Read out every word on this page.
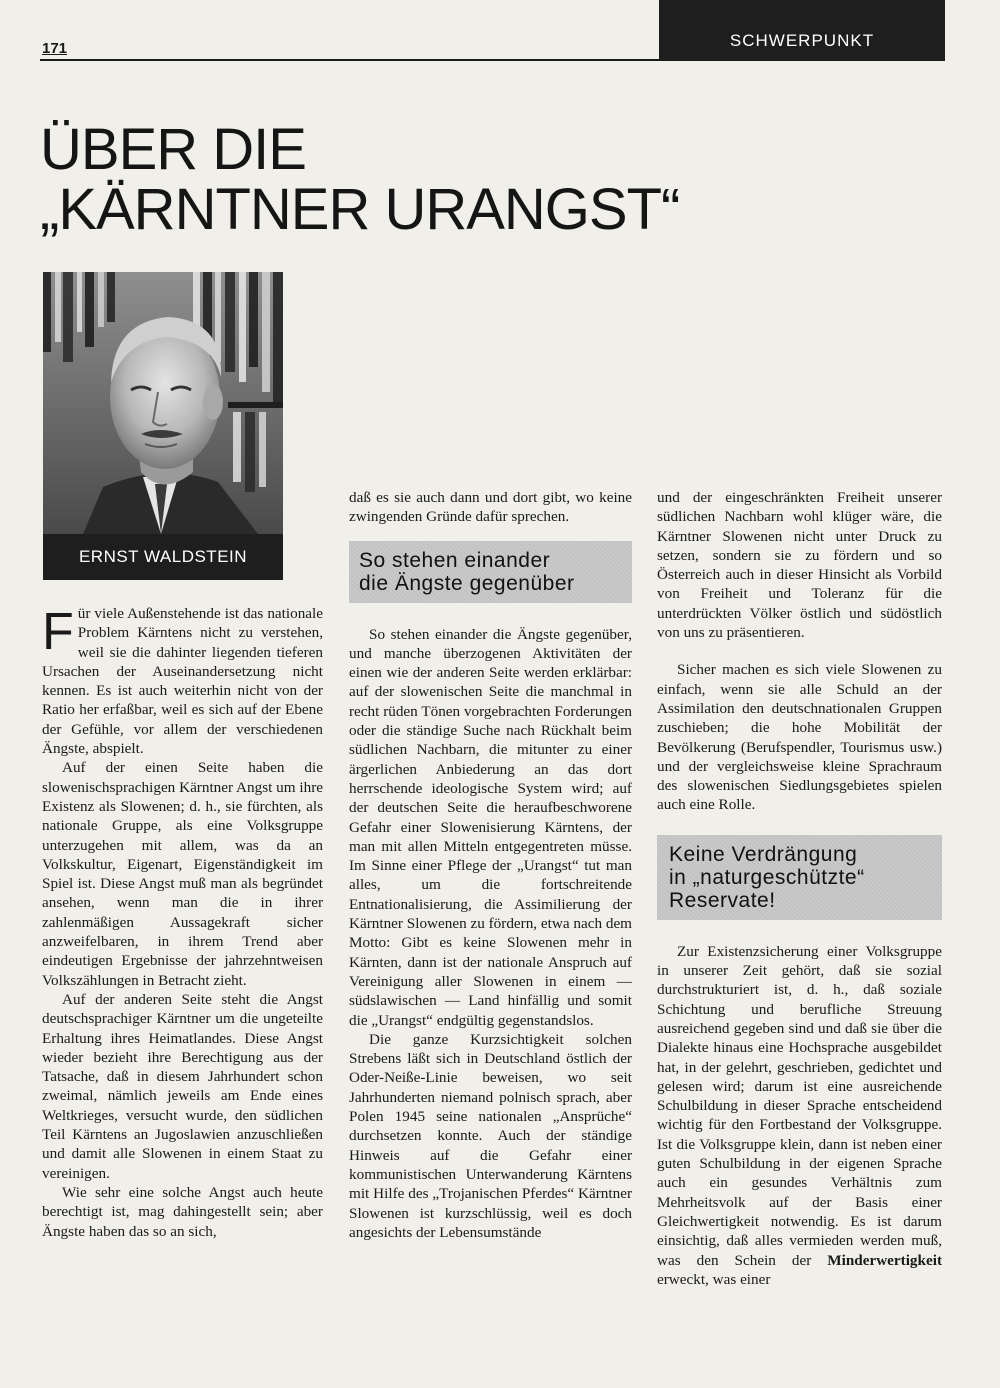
171	SCHWERPUNKT
ÜBER DIE
„KÄRNTNER URANGST“
ERNST WALDSTEIN

Für viele Außenstehende ist das nationale Problem Kärntens nicht zu verstehen, weil sie die dahinter liegenden tieferen Ursachen der Auseinandersetzung nicht kennen. Es ist auch weiterhin nicht von der Ratio her erfaßbar, weil es sich auf der Ebene der Gefühle, vor allem der verschiedenen Ängste, abspielt.

Auf der einen Seite haben die slowenischsprachigen Kärntner Angst um ihre Existenz als Slowenen; d. h., sie fürchten, als nationale Gruppe, als eine Volksgruppe unterzugehen mit allem, was da an Volkskultur, Eigenart, Eigenständigkeit im Spiel ist. Diese Angst muß man als begründet ansehen, wenn man die in ihrer zahlenmäßigen Aussagekraft sicher anzweifelbaren, in ihrem Trend aber eindeutigen Ergebnisse der jahrzehntweisen Volkszählungen in Betracht zieht.

Auf der anderen Seite steht die Angst deutschsprachiger Kärntner um die ungeteilte Erhaltung ihres Heimatlandes. Diese Angst wieder bezieht ihre Berechtigung aus der Tatsache, daß in diesem Jahrhundert schon zweimal, nämlich jeweils am Ende eines Weltkrieges, versucht wurde, den südlichen Teil Kärntens an Jugoslawien anzuschließen und damit alle Slowenen in einem Staat zu vereinigen.

Wie sehr eine solche Angst auch heute berechtigt ist, mag dahingestellt sein; aber Ängste haben das so an sich,

daß es sie auch dann und dort gibt, wo keine zwingenden Gründe dafür sprechen.

So stehen einander
die Ängste gegenüber

So stehen einander die Ängste gegenüber, und manche überzogenen Aktivitäten der einen wie der anderen Seite werden erklärbar: auf der slowenischen Seite die manchmal in recht rüden Tönen vorgebrachten Forderungen oder die ständige Suche nach Rückhalt beim südlichen Nachbarn, die mitunter zu einer ärgerlichen Anbiederung an das dort herrschende ideologische System wird; auf der deutschen Seite die heraufbeschworene Gefahr einer Slowenisierung Kärntens, der man mit allen Mitteln entgegentreten müsse. Im Sinne einer Pflege der „Urangst“ tut man alles, um die fortschreitende Entnationalisierung, die Assimilierung der Kärntner Slowenen zu fördern, etwa nach dem Motto: Gibt es keine Slowenen mehr in Kärnten, dann ist der nationale Anspruch auf Vereinigung aller Slowenen in einem — südslawischen — Land hinfällig und somit die „Urangst“ endgültig gegenstandslos.

Die ganze Kurzsichtigkeit solchen Strebens läßt sich in Deutschland östlich der Oder-Neiße-Linie beweisen, wo seit Jahrhunderten niemand polnisch sprach, aber Polen 1945 seine nationalen „Ansprüche“ durchsetzen konnte. Auch der ständige Hinweis auf die Gefahr einer kommunistischen Unterwanderung Kärntens mit Hilfe des „Trojanischen Pferdes“ Kärntner Slowenen ist kurzschlüssig, weil es doch angesichts der Lebensumstände

und der eingeschränkten Freiheit unserer südlichen Nachbarn wohl klüger wäre, die Kärntner Slowenen nicht unter Druck zu setzen, sondern sie zu fördern und so Österreich auch in dieser Hinsicht als Vorbild von Freiheit und Toleranz für die unterdrückten Völker östlich und südöstlich von uns zu präsentieren.

Sicher machen es sich viele Slowenen zu einfach, wenn sie alle Schuld an der Assimilation den deutschnationalen Gruppen zuschieben; die hohe Mobilität der Bevölkerung (Berufspendler, Tourismus usw.) und der vergleichsweise kleine Sprachraum des slowenischen Siedlungsgebietes spielen auch eine Rolle.

Keine Verdrängung
in „naturgeschützte“
Reservate!

Zur Existenzsicherung einer Volksgruppe in unserer Zeit gehört, daß sie sozial durchstrukturiert ist, d. h., daß soziale Schichtung und berufliche Streuung ausreichend gegeben sind und daß sie über die Dialekte hinaus eine Hochsprache ausgebildet hat, in der gelehrt, geschrieben, gedichtet und gelesen wird; darum ist eine ausreichende Schulbildung in dieser Sprache entscheidend wichtig für den Fortbestand der Volksgruppe. Ist die Volksgruppe klein, dann ist neben einer guten Schulbildung in der eigenen Sprache auch ein gesundes Verhältnis zum Mehrheitsvolk auf der Basis einer Gleichwertigkeit notwendig. Es ist darum einsichtig, daß alles vermieden werden muß, was den Schein der Minderwertigkeit erweckt, was einer
